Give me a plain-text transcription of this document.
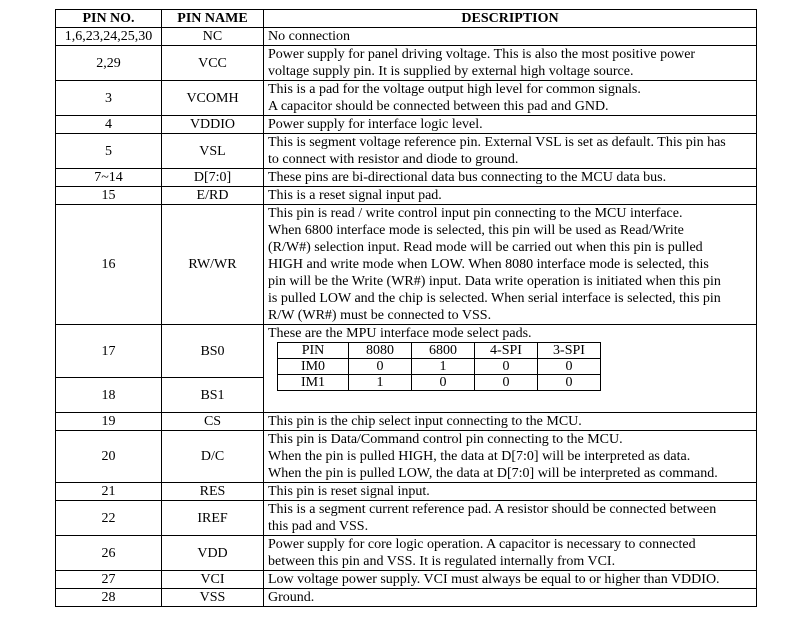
PIN NO.	PIN NAME	DESCRIPTION
1,6,23,24,25,30	NC	No connection

2,29	VCC	
Power supply for panel driving voltage. This is also the most positive power
voltage supply pin. It is supplied by external high voltage source.

3	VCOMH	
This is a pad for the voltage output high level for common signals.
A capacitor should be connected between this pad and GND.

4	VDDIO	Power supply for interface logic level.

5	VSL	
This is segment voltage reference pin. External VSL is set as default. This pin has
to connect with resistor and diode to ground.

7~14	D[7:0]	These pins are bi-directional data bus connecting to the MCU data bus.

15	E/RD	This is a reset signal input pad.

16	RW/WR	
This pin is read / write control input pin connecting to the MCU interface.
When 6800 interface mode is selected, this pin will be used as Read/Write
(R/W#) selection input. Read mode will be carried out when this pin is pulled
HIGH and write mode when LOW. When 8080 interface mode is selected, this
pin will be the Write (WR#) input. Data write operation is initiated when this pin
is pulled LOW and the chip is selected. When serial interface is selected, this pin
R/W (WR#) must be connected to VSS.

17	BS0	
These are the MPU interface mode select pads.
PIN	8080	6800	4-SPI	3-SPI
IM0	0	1	0	0
IM1	1	0	0	0

18	BS1
19	CS	This pin is the chip select input connecting to the MCU.

20	D/C	
This pin is Data/Command control pin connecting to the MCU.
When the pin is pulled HIGH, the data at D[7:0] will be interpreted as data.
When the pin is pulled LOW, the data at D[7:0] will be interpreted as command.

21	RES	This pin is reset signal input.

22	IREF	
This is a segment current reference pad. A resistor should be connected between
this pad and VSS.

26	VDD	
Power supply for core logic operation. A capacitor is necessary to connected
between this pin and VSS. It is regulated internally from VCI.

27	VCI	Low voltage power supply. VCI must always be equal to or higher than VDDIO.

28	VSS	Ground.
